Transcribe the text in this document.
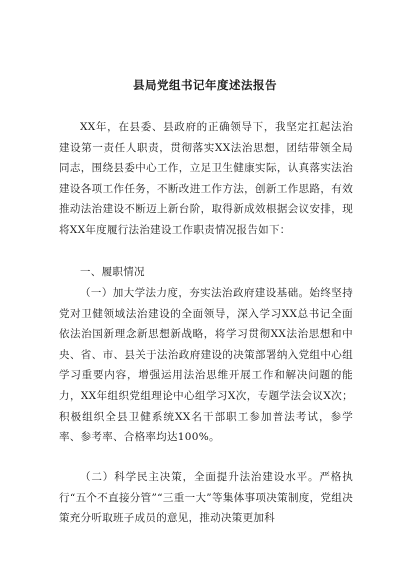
县局党组书记年度述法报告

XX年，在县委、县政府的正确领导下，我坚定扛起法治建设第一责任人职责，贯彻落实XX法治思想，团结带领全局同志，围绕县委中心工作，立足卫生健康实际，认真落实法治建设各项工作任务，不断改进工作方法，创新工作思路，有效推动法治建设不断迈上新台阶，取得新成效根据会议安排，现将XX年度履行法治建设工作职责情况报告如下：

一、履职情况

（一）加大学法力度，夯实法治政府建设基础。始终坚持党对卫健领域法治建设的全面领导，深入学习XX总书记全面依法治国新理念新思想新战略，将学习贯彻XX法治思想和中央、省、市、县关于法治政府建设的决策部署纳入党组中心组学习重要内容，增强运用法治思维开展工作和解决问题的能力，XX年组织党组理论中心组学习X次，专题学法会议X次；积极组织全县卫健系统XX名干部职工参加普法考试，参学率、参考率、合格率均达100%。

（二）科学民主决策，全面提升法治建设水平。严格执行“五个不直接分管”“三重一大”等集体事项决策制度，党组决策充分听取班子成员的意见，推动决策更加科
